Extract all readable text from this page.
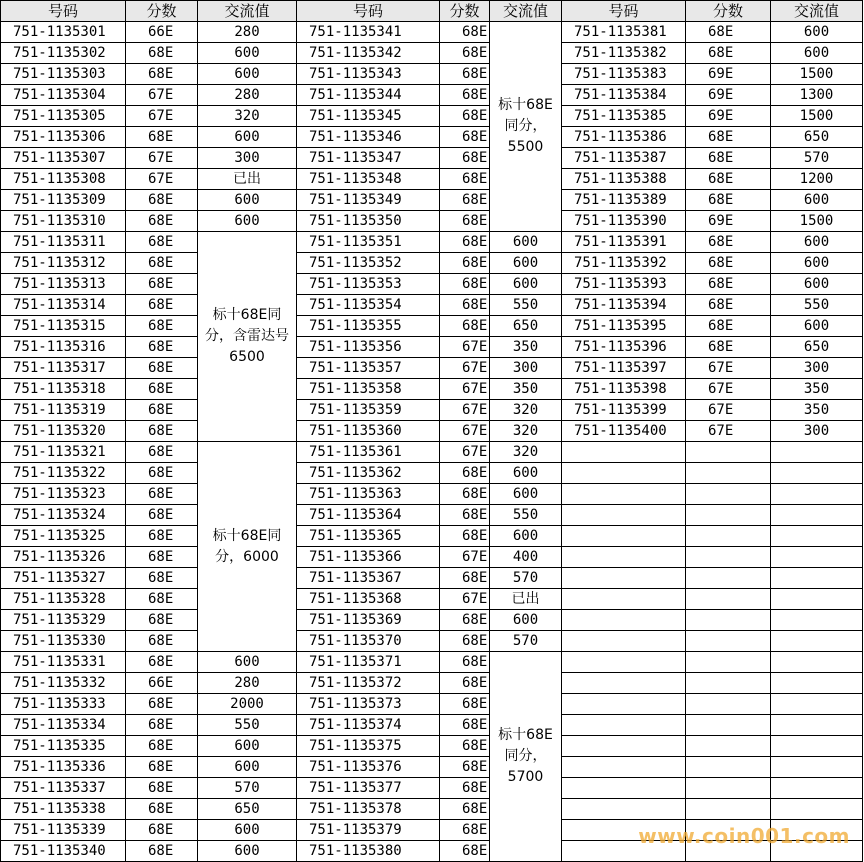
号码	分数	交流值	号码	分数	交流值	号码	分数	交流值
751-1135301	66E	280	751-1135341	68E	标十68E同分，5500	751-1135381	68E	600
751-1135302	68E	600	751-1135342	68E		751-1135382	68E	600
751-1135303	68E	600	751-1135343	68E		751-1135383	69E	1500
751-1135304	67E	280	751-1135344	68E		751-1135384	69E	1300
751-1135305	67E	320	751-1135345	68E		751-1135385	69E	1500
751-1135306	68E	600	751-1135346	68E		751-1135386	68E	650
751-1135307	67E	300	751-1135347	68E		751-1135387	68E	570
751-1135308	67E	已出	751-1135348	68E		751-1135388	68E	1200
751-1135309	68E	600	751-1135349	68E		751-1135389	68E	600
751-1135310	68E	600	751-1135350	68E		751-1135390	69E	1500
751-1135311	68E	标十68E同分，含雷达号6500	751-1135351	68E	600	751-1135391	68E	600
751-1135312	68E		751-1135352	68E	600	751-1135392	68E	600
751-1135313	68E		751-1135353	68E	600	751-1135393	68E	600
751-1135314	68E		751-1135354	68E	550	751-1135394	68E	550
751-1135315	68E		751-1135355	68E	650	751-1135395	68E	600
751-1135316	68E		751-1135356	67E	350	751-1135396	68E	650
751-1135317	68E		751-1135357	67E	300	751-1135397	67E	300
751-1135318	68E		751-1135358	67E	350	751-1135398	67E	350
751-1135319	68E		751-1135359	67E	320	751-1135399	67E	350
751-1135320	68E		751-1135360	67E	320	751-1135400	67E	300
751-1135321	68E	标十68E同分，6000	751-1135361	67E	320			
751-1135322	68E		751-1135362	68E	600			
751-1135323	68E		751-1135363	68E	600			
751-1135324	68E		751-1135364	68E	550			
751-1135325	68E		751-1135365	68E	600			
751-1135326	68E		751-1135366	67E	400			
751-1135327	68E		751-1135367	68E	570			
751-1135328	68E		751-1135368	67E	已出			
751-1135329	68E		751-1135369	68E	600			
751-1135330	68E		751-1135370	68E	570			
751-1135331	68E	600	751-1135371	68E	标十68E同分，5700			
751-1135332	66E	280	751-1135372	68E				
751-1135333	68E	2000	751-1135373	68E				
751-1135334	68E	550	751-1135374	68E				
751-1135335	68E	600	751-1135375	68E				
751-1135336	68E	600	751-1135376	68E				
751-1135337	68E	570	751-1135377	68E				
751-1135338	68E	650	751-1135378	68E				
751-1135339	68E	600	751-1135379	68E				
751-1135340	68E	600	751-1135380	68E				
www.coin001.com
